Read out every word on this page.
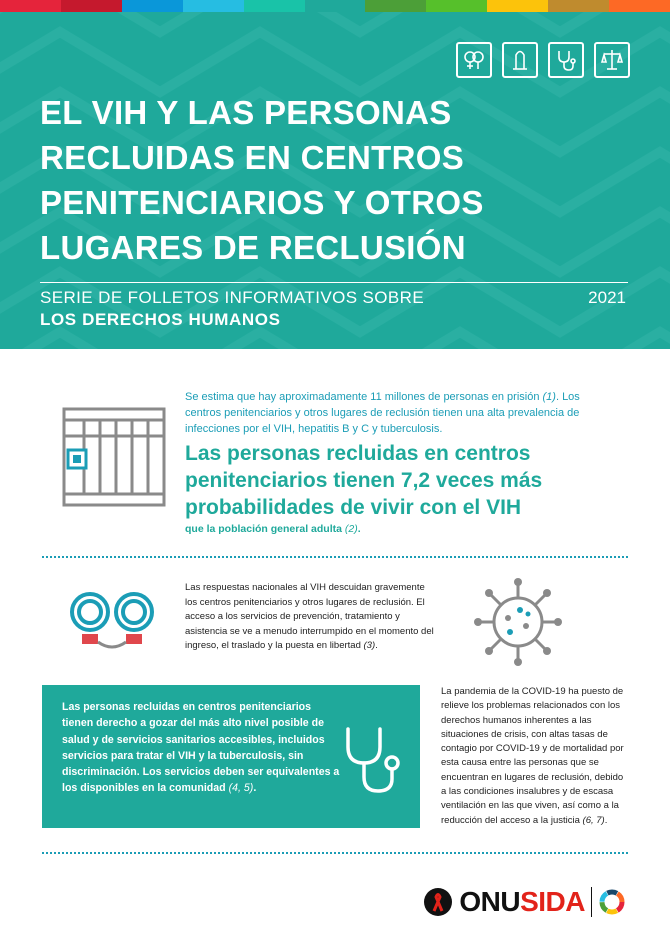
EL VIH Y LAS PERSONAS
RECLUIDAS EN CENTROS
PENITENCIARIOS Y OTROS
LUGARES DE RECLUSIÓN
SERIE DE FOLLETOS INFORMATIVOS SOBRE
LOS DERECHOS HUMANOS
2021
Se estima que hay aproximadamente 11 millones de personas en prisión (1). Los centros penitenciarios y otros lugares de reclusión tienen una alta prevalencia de infecciones por el VIH, hepatitis B y C y tuberculosis.
Las personas recluidas en centros penitenciarios tienen 7,2 veces más probabilidades de vivir con el VIH
que la población general adulta (2).
Las respuestas nacionales al VIH descuidan gravemente los centros penitenciarios y otros lugares de reclusión. El acceso a los servicios de prevención, tratamiento y asistencia se ve a menudo interrumpido en el momento del ingreso, el traslado y la puesta en libertad (3).
Las personas recluidas en centros penitenciarios tienen derecho a gozar del más alto nivel posible de salud y de servicios sanitarios accesibles, incluidos servicios para tratar el VIH y la tuberculosis, sin discriminación. Los servicios deben ser equivalentes a los disponibles en la comunidad (4, 5).
La pandemia de la COVID-19 ha puesto de relieve los problemas relacionados con los derechos humanos inherentes a las situaciones de crisis, con altas tasas de contagio por COVID-19 y de mortalidad por esta causa entre las personas que se encuentran en lugares de reclusión, debido a las condiciones insalubres y de escasa ventilación en las que viven, así como a la reducción del acceso a la justicia (6, 7).
ONUSIDA
